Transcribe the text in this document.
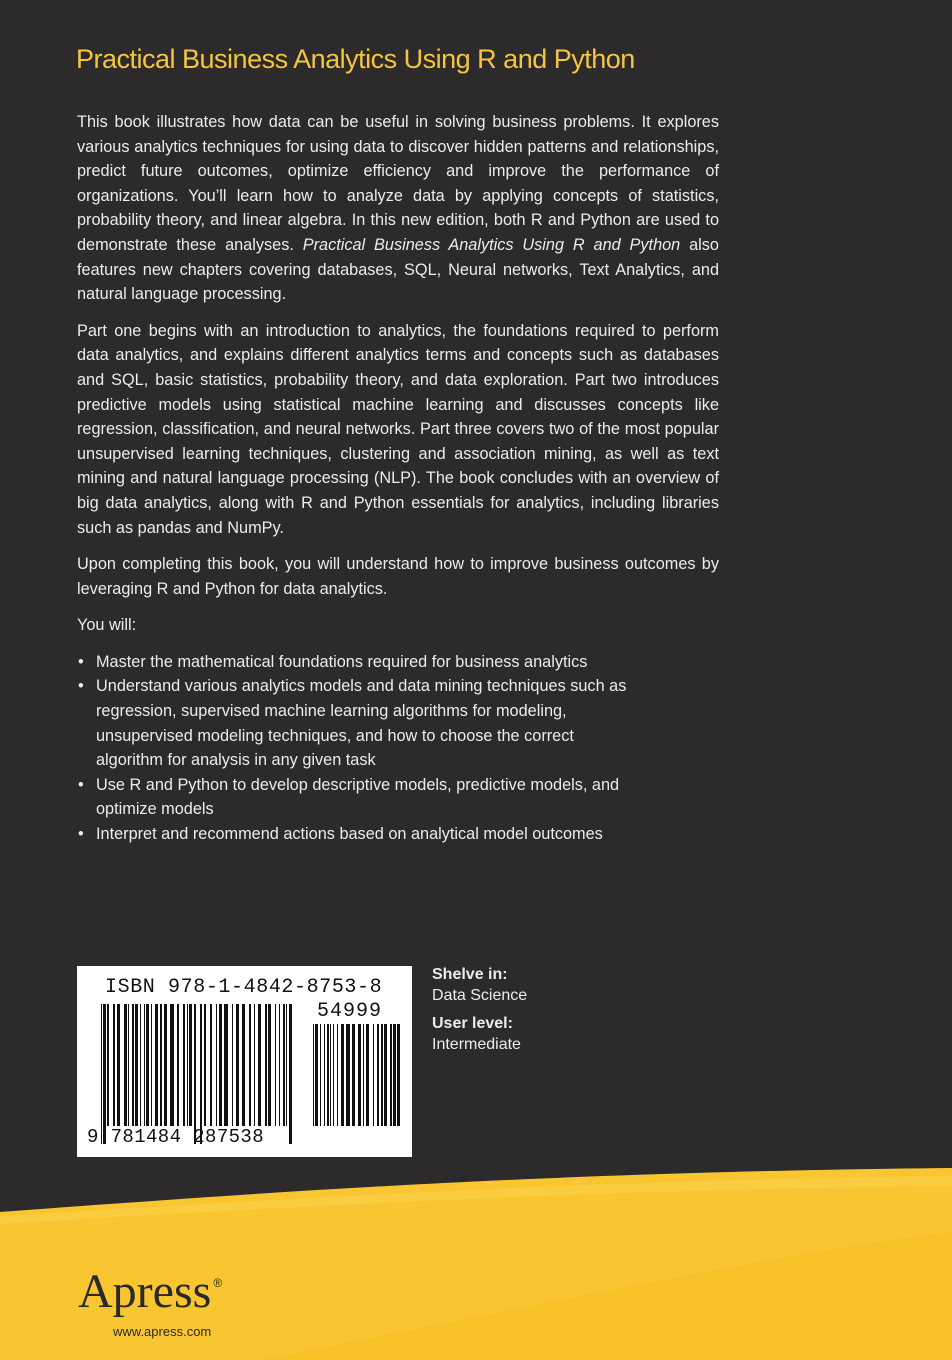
Practical Business Analytics Using R and Python

This book illustrates how data can be useful in solving business problems. It explores various analytics techniques for using data to discover hidden patterns and relationships, predict future outcomes, optimize efficiency and improve the performance of organizations. You’ll learn how to analyze data by applying concepts of statistics, probability theory, and linear algebra. In this new edition, both R and Python are used to demonstrate these analyses. Practical Business Analytics Using R and Python also features new chapters covering databases, SQL, Neural networks, Text Analytics, and natural language processing.

Part one begins with an introduction to analytics, the foundations required to perform data analytics, and explains different analytics terms and concepts such as databases and SQL, basic statistics, probability theory, and data exploration. Part two introduces predictive models using statistical machine learning and discusses concepts like regression, classification, and neural networks. Part three covers two of the most popular unsupervised learning techniques, clustering and association mining, as well as text mining and natural language processing (NLP). The book concludes with an overview of big data analytics, along with R and Python essentials for analytics, including libraries such as pandas and NumPy.

Upon completing this book, you will understand how to improve business outcomes by leveraging R and Python for data analytics.

You will:

• Master the mathematical foundations required for business analytics
• Understand various analytics models and data mining techniques such as regression, supervised machine learning algorithms for modeling, unsupervised modeling techniques, and how to choose the correct algorithm for analysis in any given task
• Use R and Python to develop descriptive models, predictive models, and optimize models
• Interpret and recommend actions based on analytical model outcomes
ISBN 978-1-4842-8753-8
54999
9 781484 287538
Shelve in:
Data Science
User level:
Intermediate
Apress ®
www.apress.com
